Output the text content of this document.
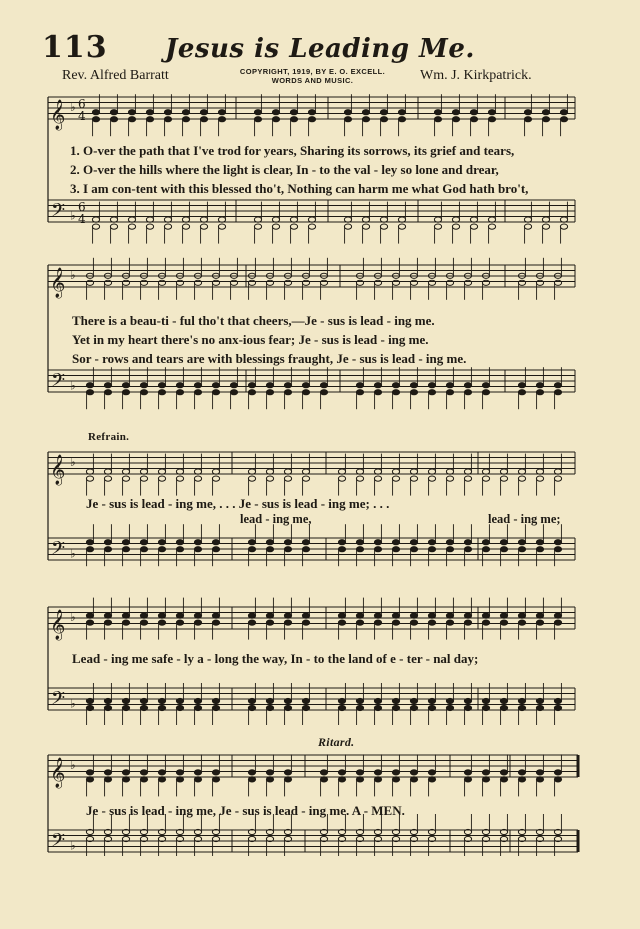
113	Jesus is Leading Me.
Rev. Alfred Barratt	COPYRIGHT, 1919, BY E. O. EXCELL.
WORDS AND MUSIC.	Wm. J. Kirkpatrick.
𝄞 ♭ 6
4
𝄢 ♭
6
4
𝄞 ♭
𝄢 ♭
𝄞 ♭
𝄢 ♭
𝄞 ♭
𝄢 ♭
𝄞 ♭
𝄢 ♭
1. O-ver the path that I've trod for years, Sharing its sorrows, its grief and tears,
2. O-ver the hills where the light is clear, In - to the val - ley so lone and drear,
3. I am con-tent with this blessed tho't, Nothing can harm me what God hath bro't,
There is a beau-ti - ful tho't that cheers,—Je - sus is lead - ing me.
Yet in my heart there's no anx-ious fear; Je - sus is lead - ing me.
Sor - rows and tears are with blessings fraught, Je - sus is lead - ing me.
Refrain.
Je - sus is lead - ing me, . . . Je - sus is lead - ing me; . . .
lead - ing me,	lead - ing me;
Lead - ing me safe - ly a - long the way, In - to the land of e - ter - nal day;
Ritard.
Je - sus is lead - ing me, Je - sus is lead - ing me. A - MEN.
